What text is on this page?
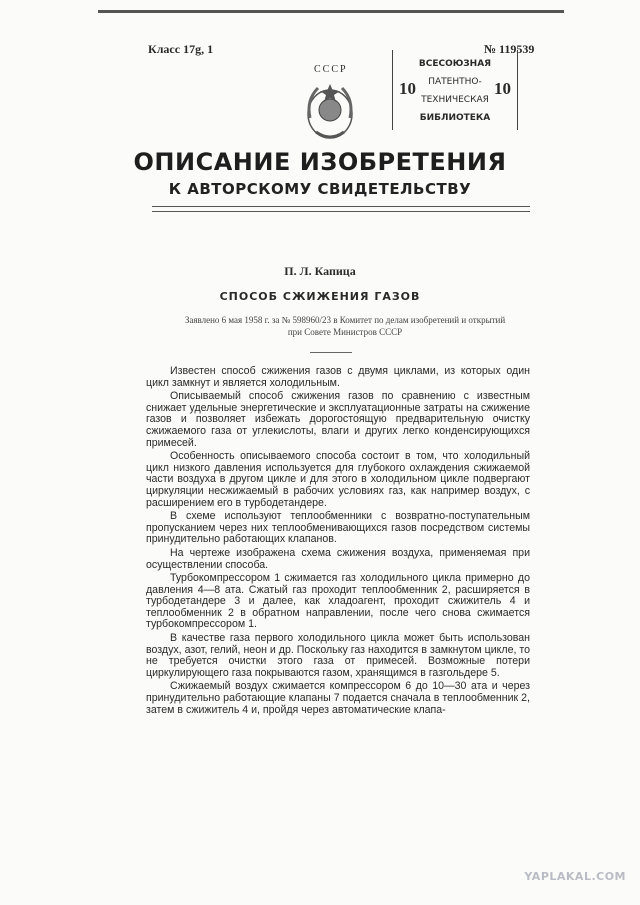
Класс 17g, 1	№ 119539
СССР	ВСЕСОЮЗНАЯ
ПАТЕНТНО-
ТЕХНИЧЕСКАЯ
БИБЛИОТЕКА
10	10
ОПИСАНИЕ ИЗОБРЕТЕНИЯ
К АВТОРСКОМУ СВИДЕТЕЛЬСТВУ
П. Л. Капица
СПОСОБ СЖИЖЕНИЯ ГАЗОВ
Заявлено 6 мая 1958 г. за № 598960/23 в Комитет по делам изобретений и открытий
при Совете Министров СССР

Известен способ сжижения газов с двумя циклами, из которых один цикл замкнут и является холодильным.

Описываемый способ сжижения газов по сравнению с известным снижает удельные энергетические и эксплуатационные затраты на сжижение газов и позволяет избежать дорогостоящую предварительную очистку сжижаемого газа от углекислоты, влаги и других легко конденсирующихся примесей.

Особенность описываемого способа состоит в том, что холодильный цикл низкого давления используется для глубокого охлаждения сжижаемой части воздуха в другом цикле и для этого в холодильном цикле подвергают циркуляции несжижаемый в рабочих условиях газ, как например воздух, с расширением его в турбодетандере.

В схеме используют теплообменники с возвратно-поступательным пропусканием через них теплообменивающихся газов посредством системы принудительно работающих клапанов.

На чертеже изображена схема сжижения воздуха, применяемая при осуществлении способа.

Турбокомпрессором 1 сжимается газ холодильного цикла примерно до давления 4—8 ата. Сжатый газ проходит теплообменник 2, расширяется в турбодетандере 3 и далее, как хладоагент, проходит сжижитель 4 и теплообменник 2 в обратном направлении, после чего снова сжимается турбокомпрессором 1.

В качестве газа первого холодильного цикла может быть использован воздух, азот, гелий, неон и др. Поскольку газ находится в замкнутом цикле, то не требуется очистки этого газа от примесей. Возможные потери циркулирующего газа покрываются газом, хранящимся в газгольдере 5.

Сжижаемый воздух сжимается компрессором 6 до 10—30 ата и через принудительно работающие клапаны 7 подается сначала в теплообменник 2, затем в сжижитель 4 и, пройдя через автоматические клапа-

YAPLAKAL.COM
